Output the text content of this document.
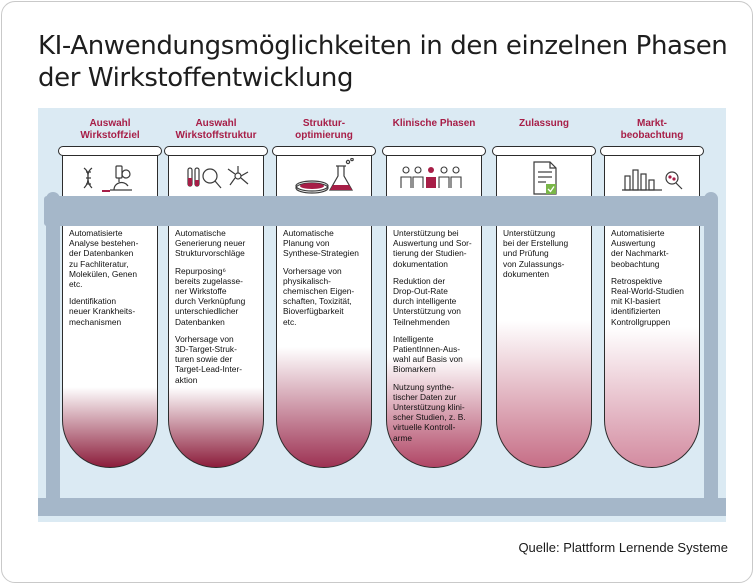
KI-Anwendungsmöglichkeiten in den einzelnen Phasen
der Wirkstoffentwicklung
Auswahl
Wirkstoffziel
Auswahl
Wirkstoffstruktur
Struktur-
optimierung
Klinische Phasen	Zulassung	Markt-
beobachtung

Automatisierte
Analyse bestehen-
der Datenbanken
zu Fachliteratur,
Molekülen, Genen
etc.

Identifikation
neuer Krankheits-
mechanismen

Automatische
Generierung neuer
Strukturvorschläge

Repurposing⁶
bereits zugelasse-
ner Wirkstoffe
durch Verknüpfung
unterschiedlicher
Datenbanken

Vorhersage von
3D-Target-Struk-
turen sowie der
Target-Lead-Inter-
aktion

Automatische
Planung von
Synthese-Strategien

Vorhersage von
physikalisch-
chemischen Eigen-
schaften, Toxizität,
Bioverfügbarkeit
etc.

Unterstützung bei
Auswertung und Sor-
tierung der Studien-
dokumentation

Reduktion der
Drop-Out-Rate
durch intelligente
Unterstützung von
Teilnehmenden

Intelligente
PatientInnen-Aus-
wahl auf Basis von
Biomarkern

Nutzung synthe-
tischer Daten zur
Unterstützung klini-
scher Studien, z. B.
virtuelle Kontroll-
arme

Unterstützung
bei der Erstellung
und Prüfung
von Zulassungs-
dokumenten

Automatisierte
Auswertung
der Nachmarkt-
beobachtung

Retrospektive
Real-World-Studien
mit KI-basiert
identifizierten
Kontrollgruppen

Quelle: Plattform Lernende Systeme
